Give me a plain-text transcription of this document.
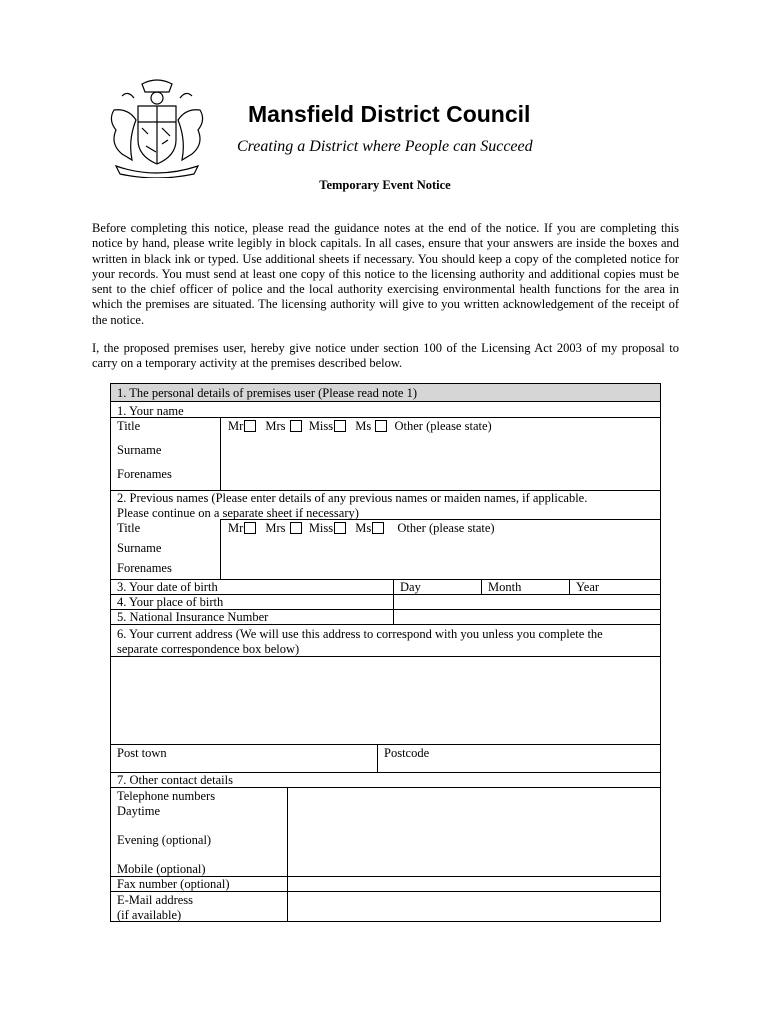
Mansfield District Council
Creating a District where People can Succeed
Temporary Event Notice
Before completing this notice, please read the guidance notes at the end of the notice. If you are completing this notice by hand, please write legibly in block capitals. In all cases, ensure that your answers are inside the boxes and written in black ink or typed. Use additional sheets if necessary. You should keep a copy of the completed notice for your records. You must send at least one copy of this notice to the licensing authority and additional copies must be sent to the chief officer of police and the local authority exercising environmental health functions for the area in which the premises are situated. The licensing authority will give to you written acknowledgement of the receipt of the notice.
I, the proposed premises user, hereby give notice under section 100 of the Licensing Act 2003 of my proposal to carry on a temporary activity at the premises described below.
1. The personal details of premises user (Please read note 1)
1. Your name
Title
Surname
Forenames
Mr Mrs Miss Ms Other (please state)
2. Previous names (Please enter details of any previous names or maiden names, if applicable.
Please continue on a separate sheet if necessary)
Title
Surname
Forenames
Mr Mrs Miss Ms Other (please state)
3. Your date of birth	Day	Month	Year
4. Your place of birth
5. National Insurance Number
6. Your current address (We will use this address to correspond with you unless you complete the
separate correspondence box below)
Post town	Postcode
7. Other contact details
Telephone numbers
Daytime
Evening (optional)
Mobile (optional)
Fax number (optional)
E-Mail address
(if available)
